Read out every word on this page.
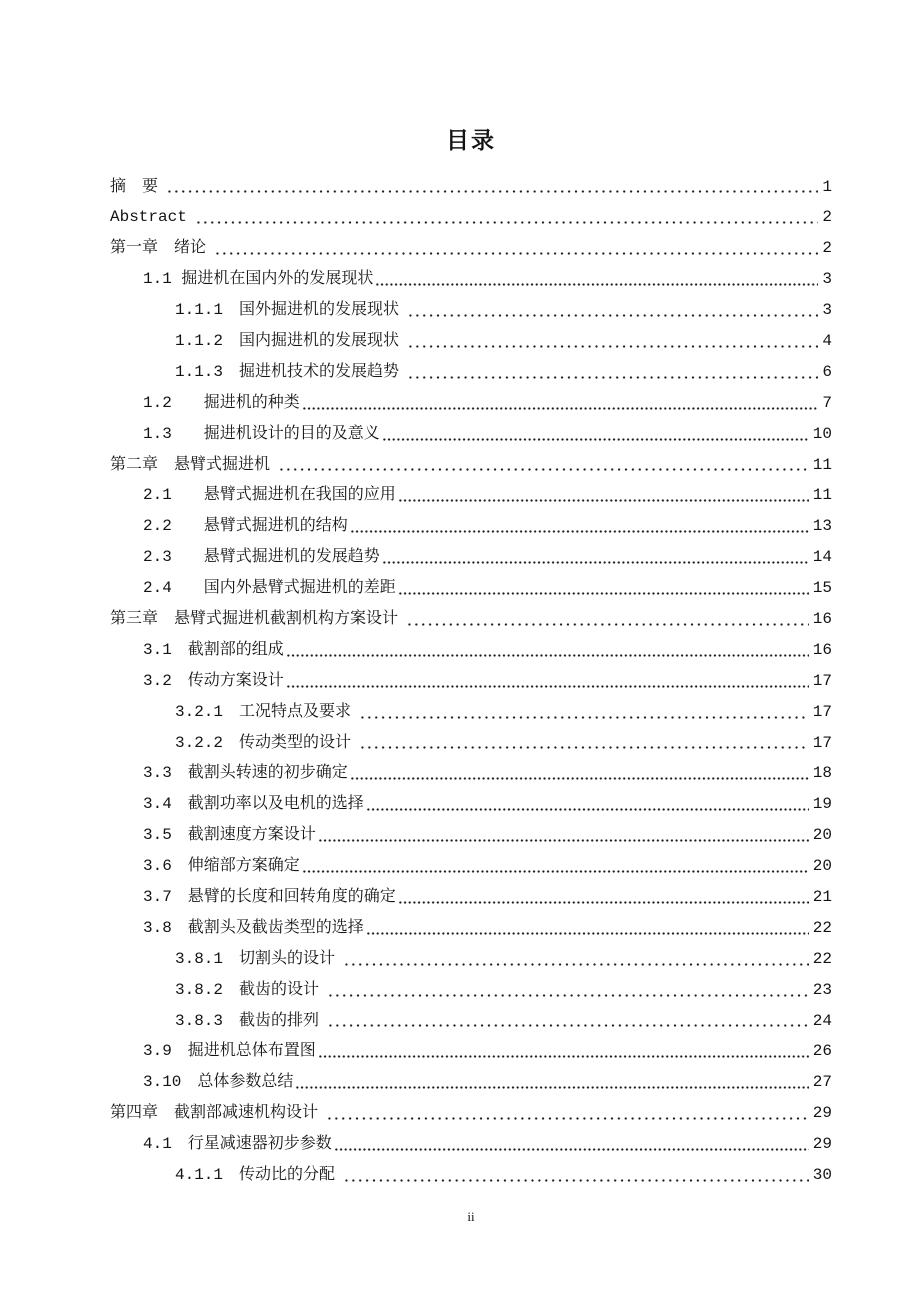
目录
摘　要	1
Abstract	2
第一章　绪论	2
1.1 掘进机在国内外的发展现状	3
1.1.1　国外掘进机的发展现状	3
1.1.2　国内掘进机的发展现状	4
1.1.3　掘进机技术的发展趋势	6
1.2　　掘进机的种类	7
1.3　　掘进机设计的目的及意义	10
第二章　悬臂式掘进机	11
2.1　　悬臂式掘进机在我国的应用	11
2.2　　悬臂式掘进机的结构	13
2.3　　悬臂式掘进机的发展趋势	14
2.4　　国内外悬臂式掘进机的差距	15
第三章　悬臂式掘进机截割机构方案设计	16
3.1　截割部的组成	16
3.2　传动方案设计	17
3.2.1　工况特点及要求	17
3.2.2　传动类型的设计	17
3.3　截割头转速的初步确定	18
3.4　截割功率以及电机的选择	19
3.5　截割速度方案设计	20
3.6　伸缩部方案确定	20
3.7　悬臂的长度和回转角度的确定	21
3.8　截割头及截齿类型的选择	22
3.8.1　切割头的设计	22
3.8.2　截齿的设计	23
3.8.3　截齿的排列	24
3.9　掘进机总体布置图	26
3.10　总体参数总结	27
第四章　截割部减速机构设计	29
4.1　行星减速器初步参数	29
4.1.1　传动比的分配	30
ii
